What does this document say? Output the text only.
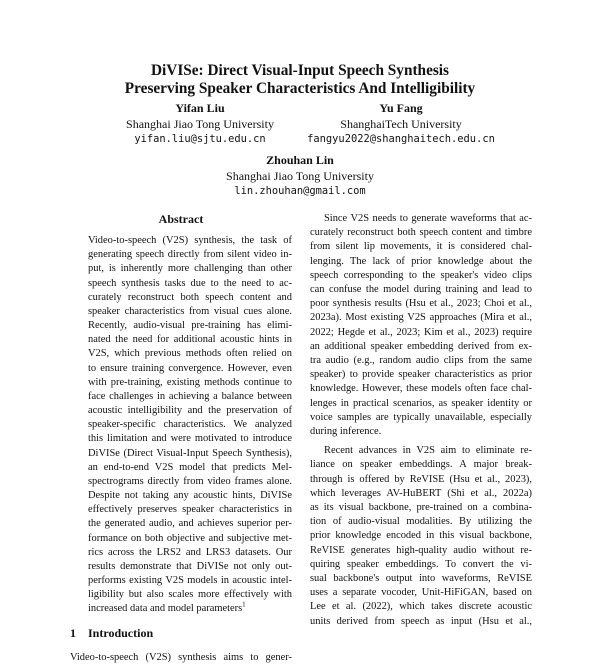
DiVISe: Direct Visual-Input Speech Synthesis
Preserving Speaker Characteristics And Intelligibility
Yifan Liu
Shanghai Jiao Tong University
yifan.liu@sjtu.edu.cn
Yu Fang
ShanghaiTech University
fangyu2022@shanghaitech.edu.cn
Zhouhan Lin
Shanghai Jiao Tong University
lin.zhouhan@gmail.com
Abstract
Video-to-speech (V2S) synthesis, the task of
generating speech directly from silent video in-
put, is inherently more challenging than other
speech synthesis tasks due to the need to ac-
curately reconstruct both speech content and
speaker characteristics from visual cues alone.
Recently, audio-visual pre-training has elimi-
nated the need for additional acoustic hints in
V2S, which previous methods often relied on
to ensure training convergence. However, even
with pre-training, existing methods continue to
face challenges in achieving a balance between
acoustic intelligibility and the preservation of
speaker-specific characteristics. We analyzed
this limitation and were motivated to introduce
DiVISe (Direct Visual-Input Speech Synthesis),
an end-to-end V2S model that predicts Mel-
spectrograms directly from video frames alone.
Despite not taking any acoustic hints, DiVISe
effectively preserves speaker characteristics in
the generated audio, and achieves superior per-
formance on both objective and subjective met-
rics across the LRS2 and LRS3 datasets. Our
results demonstrate that DiVISe not only out-
performs existing V2S models in acoustic intel-
ligibility but also scales more effectively with
increased data and model parameters$^1$
1 Introduction
Video-to-speech (V2S) synthesis aims to gener-
Since V2S needs to generate waveforms that ac-
curately reconstruct both speech content and timbre
from silent lip movements, it is considered chal-
lenging. The lack of prior knowledge about the
speech corresponding to the speaker's video clips
can confuse the model during training and lead to
poor synthesis results (Hsu et al., 2023; Choi et al.,
2023a). Most existing V2S approaches (Mira et al.,
2022; Hegde et al., 2023; Kim et al., 2023) require
an additional speaker embedding derived from ex-
tra audio (e.g., random audio clips from the same
speaker) to provide speaker characteristics as prior
knowledge. However, these models often face chal-
lenges in practical scenarios, as speaker identity or
voice samples are typically unavailable, especially
during inference.
Recent advances in V2S aim to eliminate re-
liance on speaker embeddings. A major break-
through is offered by ReVISE (Hsu et al., 2023),
which leverages AV-HuBERT (Shi et al., 2022a)
as its visual backbone, pre-trained on a combina-
tion of audio-visual modalities. By utilizing the
prior knowledge encoded in this visual backbone,
ReVISE generates high-quality audio without re-
quiring speaker embeddings. To convert the vi-
sual backbone's output into waveforms, ReVISE
uses a separate vocoder, Unit-HiFiGAN, based on
Lee et al. (2022), which takes discrete acoustic
units derived from speech as input (Hsu et al.,
